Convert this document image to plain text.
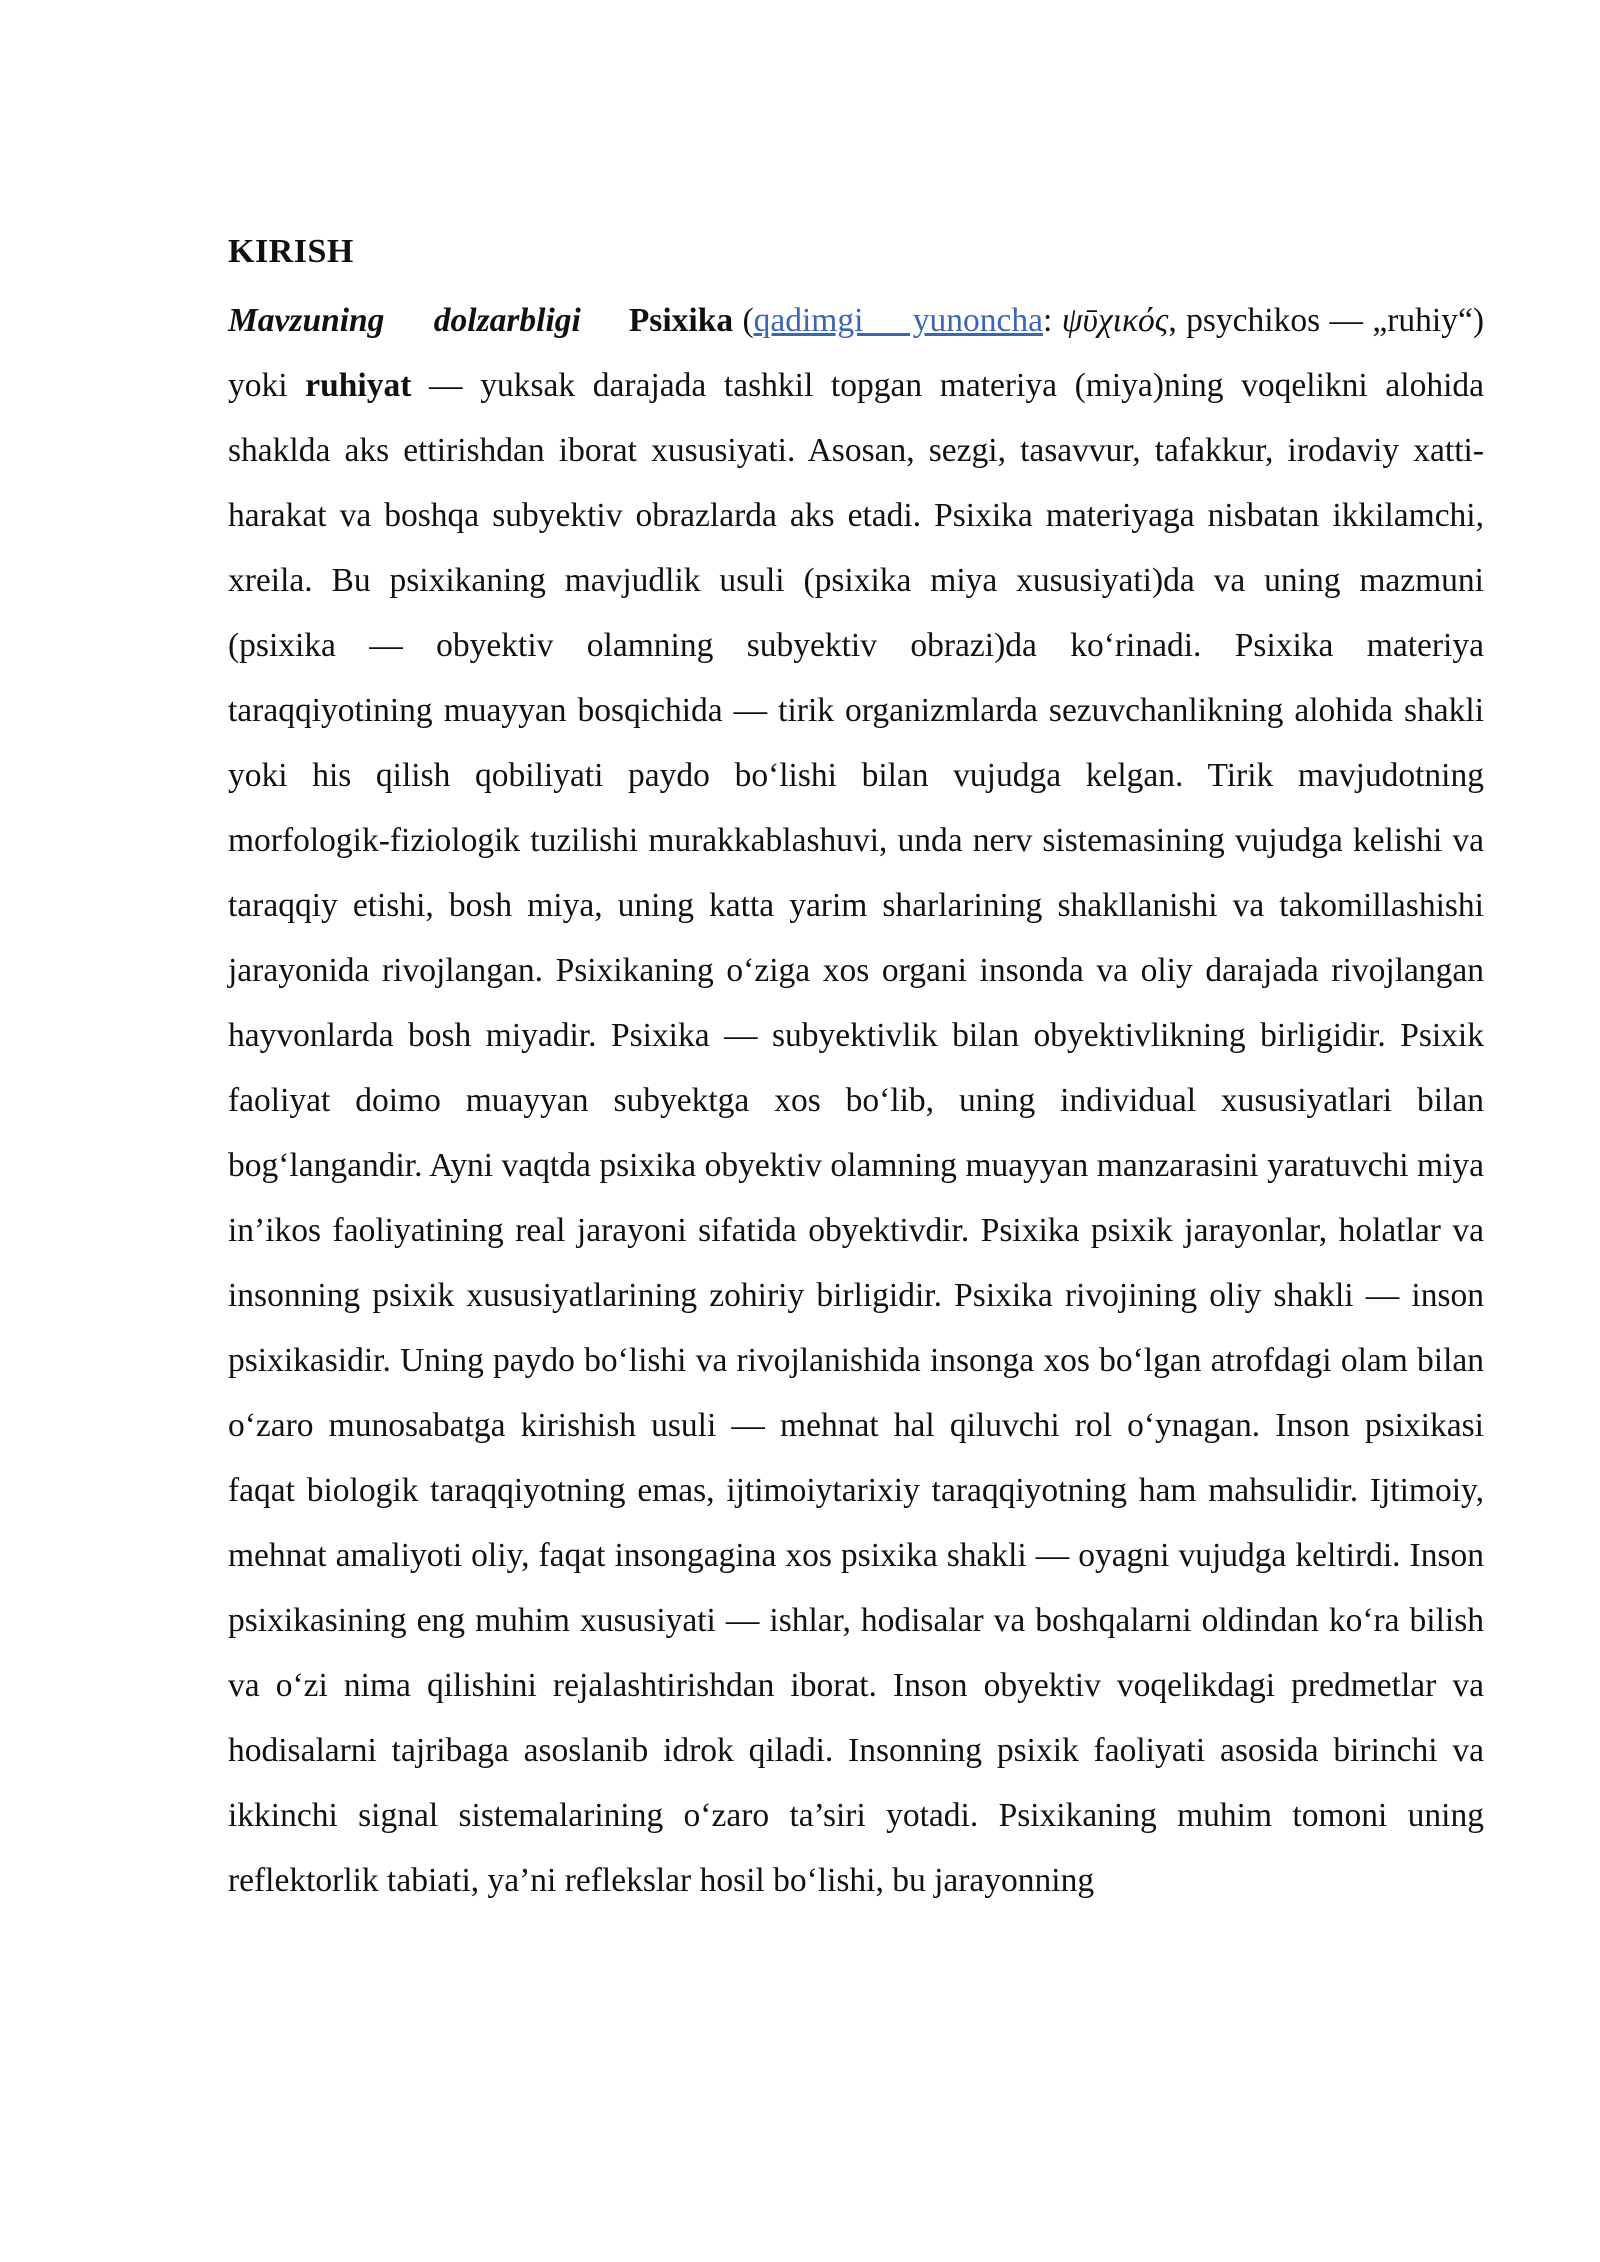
KIRISH

Mavzuning dolzarbligi Psixika (qadimgi yunoncha: ψῡχικός, psychikos — „ruhiy“) yoki ruhiyat — yuksak darajada tashkil topgan materiya (miya)ning voqelikni alohida shaklda aks ettirishdan iborat xususiyati. Asosan, sezgi, tasavvur, tafakkur, irodaviy xatti-harakat va boshqa subyektiv obrazlarda aks etadi. Psixika materiyaga nisbatan ikkilamchi, xreila. Bu psixikaning mavjudlik usuli (psixika miya xususiyati)da va uning mazmuni (psixika — obyektiv olamning subyektiv obrazi)da koʻrinadi. Psixika materiya taraqqiyotining muayyan bosqichida — tirik organizmlarda sezuvchanlikning alohida shakli yoki his qilish qobiliyati paydo boʻlishi bilan vujudga kelgan. Tirik mavjudotning morfologik-fiziologik tuzilishi murakkablashuvi, unda nerv sistemasining vujudga kelishi va taraqqiy etishi, bosh miya, uning katta yarim sharlarining shakllanishi va takomillashishi jarayonida rivojlangan. Psixikaning oʻziga xos organi insonda va oliy darajada rivojlangan hayvonlarda bosh miyadir. Psixika — subyektivlik bilan obyektivlikning birligidir. Psixik faoliyat doimo muayyan subyektga xos boʻlib, uning individual xususiyatlari bilan bogʻlangandir. Ayni vaqtda psixika obyektiv olamning muayyan manzarasini yaratuvchi miya in’ikos faoliyatining real jarayoni sifatida obyektivdir. Psixika psixik jarayonlar, holatlar va insonning psixik xususiyatlarining zohiriy birligidir. Psixika rivojining oliy shakli — inson psixikasidir. Uning paydo boʻlishi va rivojlanishida insonga xos boʻlgan atrofdagi olam bilan oʻzaro munosabatga kirishish usuli — mehnat hal qiluvchi rol oʻynagan. Inson psixikasi faqat biologik taraqqiyotning emas, ijtimoiytarixiy taraqqiyotning ham mahsulidir. Ijtimoiy, mehnat amaliyoti oliy, faqat insongagina xos psixika shakli — oyagni vujudga keltirdi. Inson psixikasining eng muhim xususiyati — ishlar, hodisalar va boshqalarni oldindan koʻra bilish va oʻzi nima qilishini rejalashtirishdan iborat. Inson obyektiv voqelikdagi predmetlar va hodisalarni tajribaga asoslanib idrok qiladi. Insonning psixik faoliyati asosida birinchi va ikkinchi signal sistemalarining oʻzaro ta’siri yotadi. Psixikaning muhim tomoni uning reflektorlik tabiati, ya’ni reflekslar hosil boʻlishi, bu jarayonning
